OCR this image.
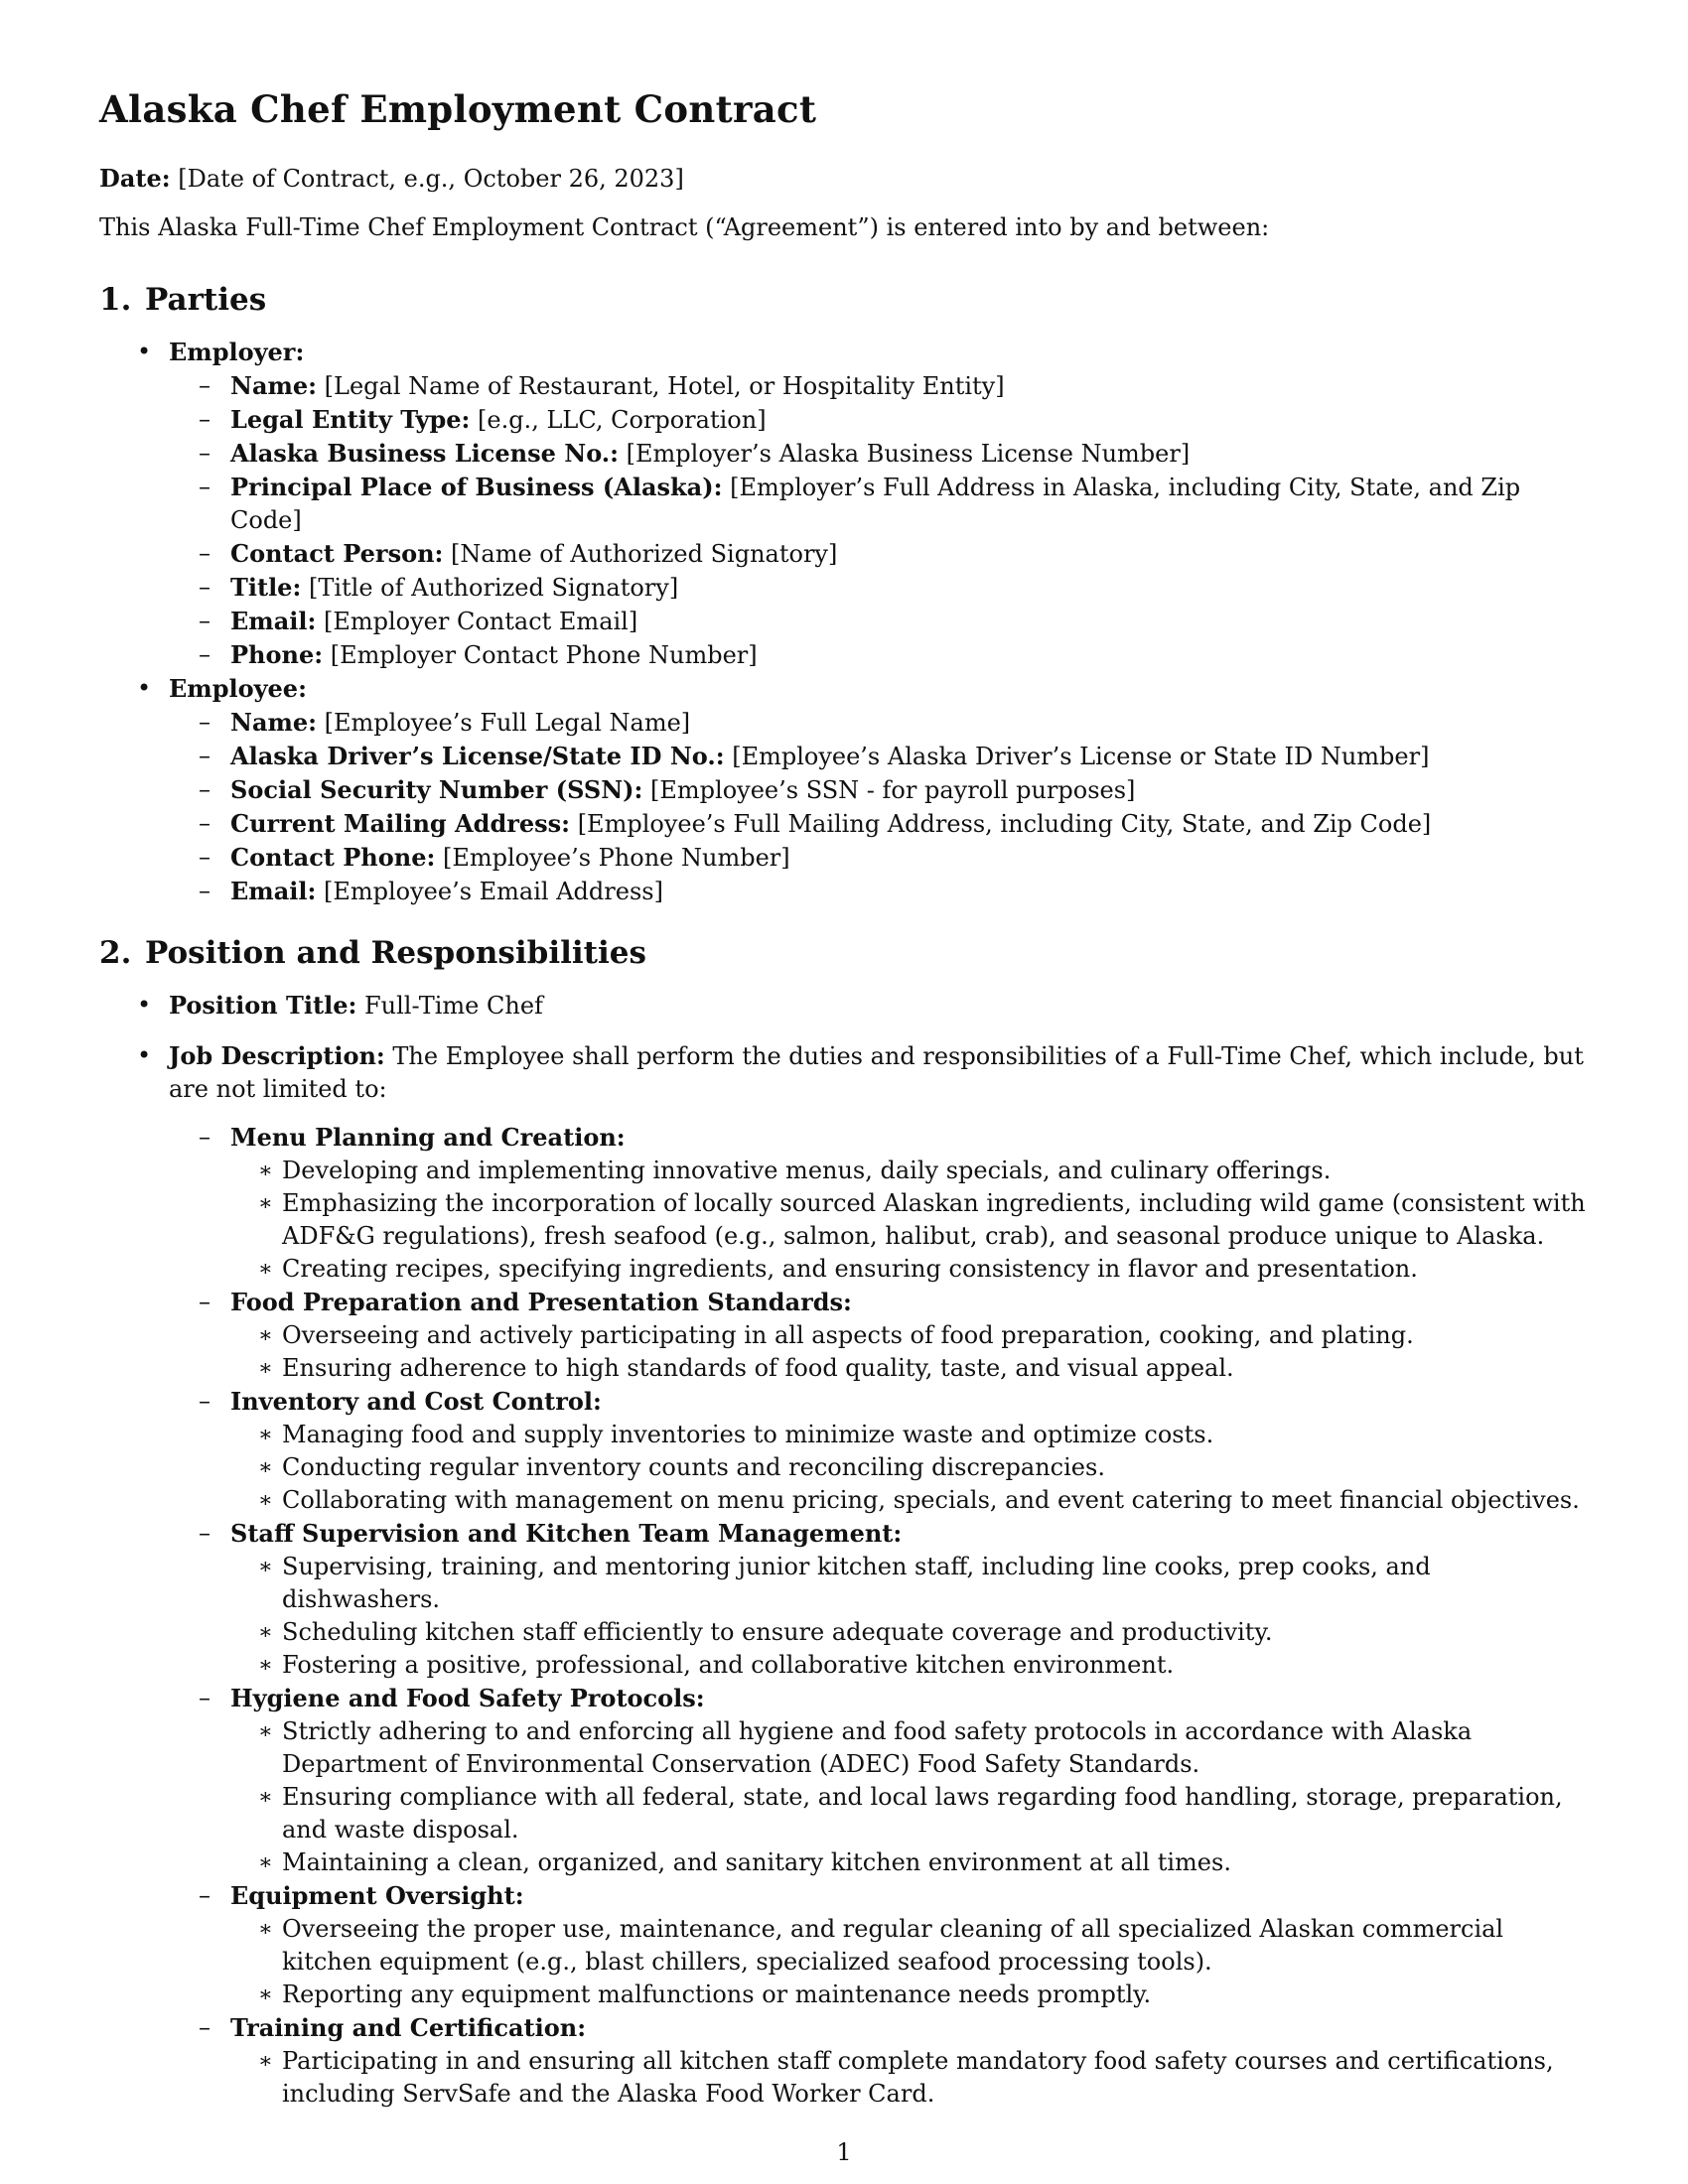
Alaska Chef Employment Contract

Date: [Date of Contract, e.g., October 26, 2023]

This Alaska Full-Time Chef Employment Contract (“Agreement”) is entered into by and between:

1. Parties
• Employer:
– Name: [Legal Name of Restaurant, Hotel, or Hospitality Entity]
– Legal Entity Type: [e.g., LLC, Corporation]
– Alaska Business License No.: [Employer’s Alaska Business License Number]
– Principal Place of Business (Alaska): [Employer’s Full Address in Alaska, including City, State, and Zip Code]
– Contact Person: [Name of Authorized Signatory]
– Title: [Title of Authorized Signatory]
– Email: [Employer Contact Email]
– Phone: [Employer Contact Phone Number]
• Employee:
– Name: [Employee’s Full Legal Name]
– Alaska Driver’s License/State ID No.: [Employee’s Alaska Driver’s License or State ID Number]
– Social Security Number (SSN): [Employee’s SSN - for payroll purposes]
– Current Mailing Address: [Employee’s Full Mailing Address, including City, State, and Zip Code]
– Contact Phone: [Employee’s Phone Number]
– Email: [Employee’s Email Address]
2. Position and Responsibilities
• Position Title: Full-Time Chef
• Job Description: The Employee shall perform the duties and responsibilities of a Full-Time Chef, which include, but are not limited to:
– Menu Planning and Creation:
∗ Developing and implementing innovative menus, daily specials, and culinary offerings.
∗ Emphasizing the incorporation of locally sourced Alaskan ingredients, including wild game (consistent with ADF&G regulations), fresh seafood (e.g., salmon, halibut, crab), and seasonal produce unique to Alaska.
∗ Creating recipes, specifying ingredients, and ensuring consistency in flavor and presentation.
– Food Preparation and Presentation Standards:
∗ Overseeing and actively participating in all aspects of food preparation, cooking, and plating.
∗ Ensuring adherence to high standards of food quality, taste, and visual appeal.
– Inventory and Cost Control:
∗ Managing food and supply inventories to minimize waste and optimize costs.
∗ Conducting regular inventory counts and reconciling discrepancies.
∗ Collaborating with management on menu pricing, specials, and event catering to meet financial objectives.
– Staff Supervision and Kitchen Team Management:
∗ Supervising, training, and mentoring junior kitchen staff, including line cooks, prep cooks, and dishwashers.
∗ Scheduling kitchen staff efficiently to ensure adequate coverage and productivity.
∗ Fostering a positive, professional, and collaborative kitchen environment.
– Hygiene and Food Safety Protocols:
∗ Strictly adhering to and enforcing all hygiene and food safety protocols in accordance with Alaska Department of Environmental Conservation (ADEC) Food Safety Standards.
∗ Ensuring compliance with all federal, state, and local laws regarding food handling, storage, preparation, and waste disposal.
∗ Maintaining a clean, organized, and sanitary kitchen environment at all times.
– Equipment Oversight:
∗ Overseeing the proper use, maintenance, and regular cleaning of all specialized Alaskan commercial kitchen equipment (e.g., blast chillers, specialized seafood processing tools).
∗ Reporting any equipment malfunctions or maintenance needs promptly.
– Training and Certification:
∗ Participating in and ensuring all kitchen staff complete mandatory food safety courses and certifications, including ServSafe and the Alaska Food Worker Card.
1
